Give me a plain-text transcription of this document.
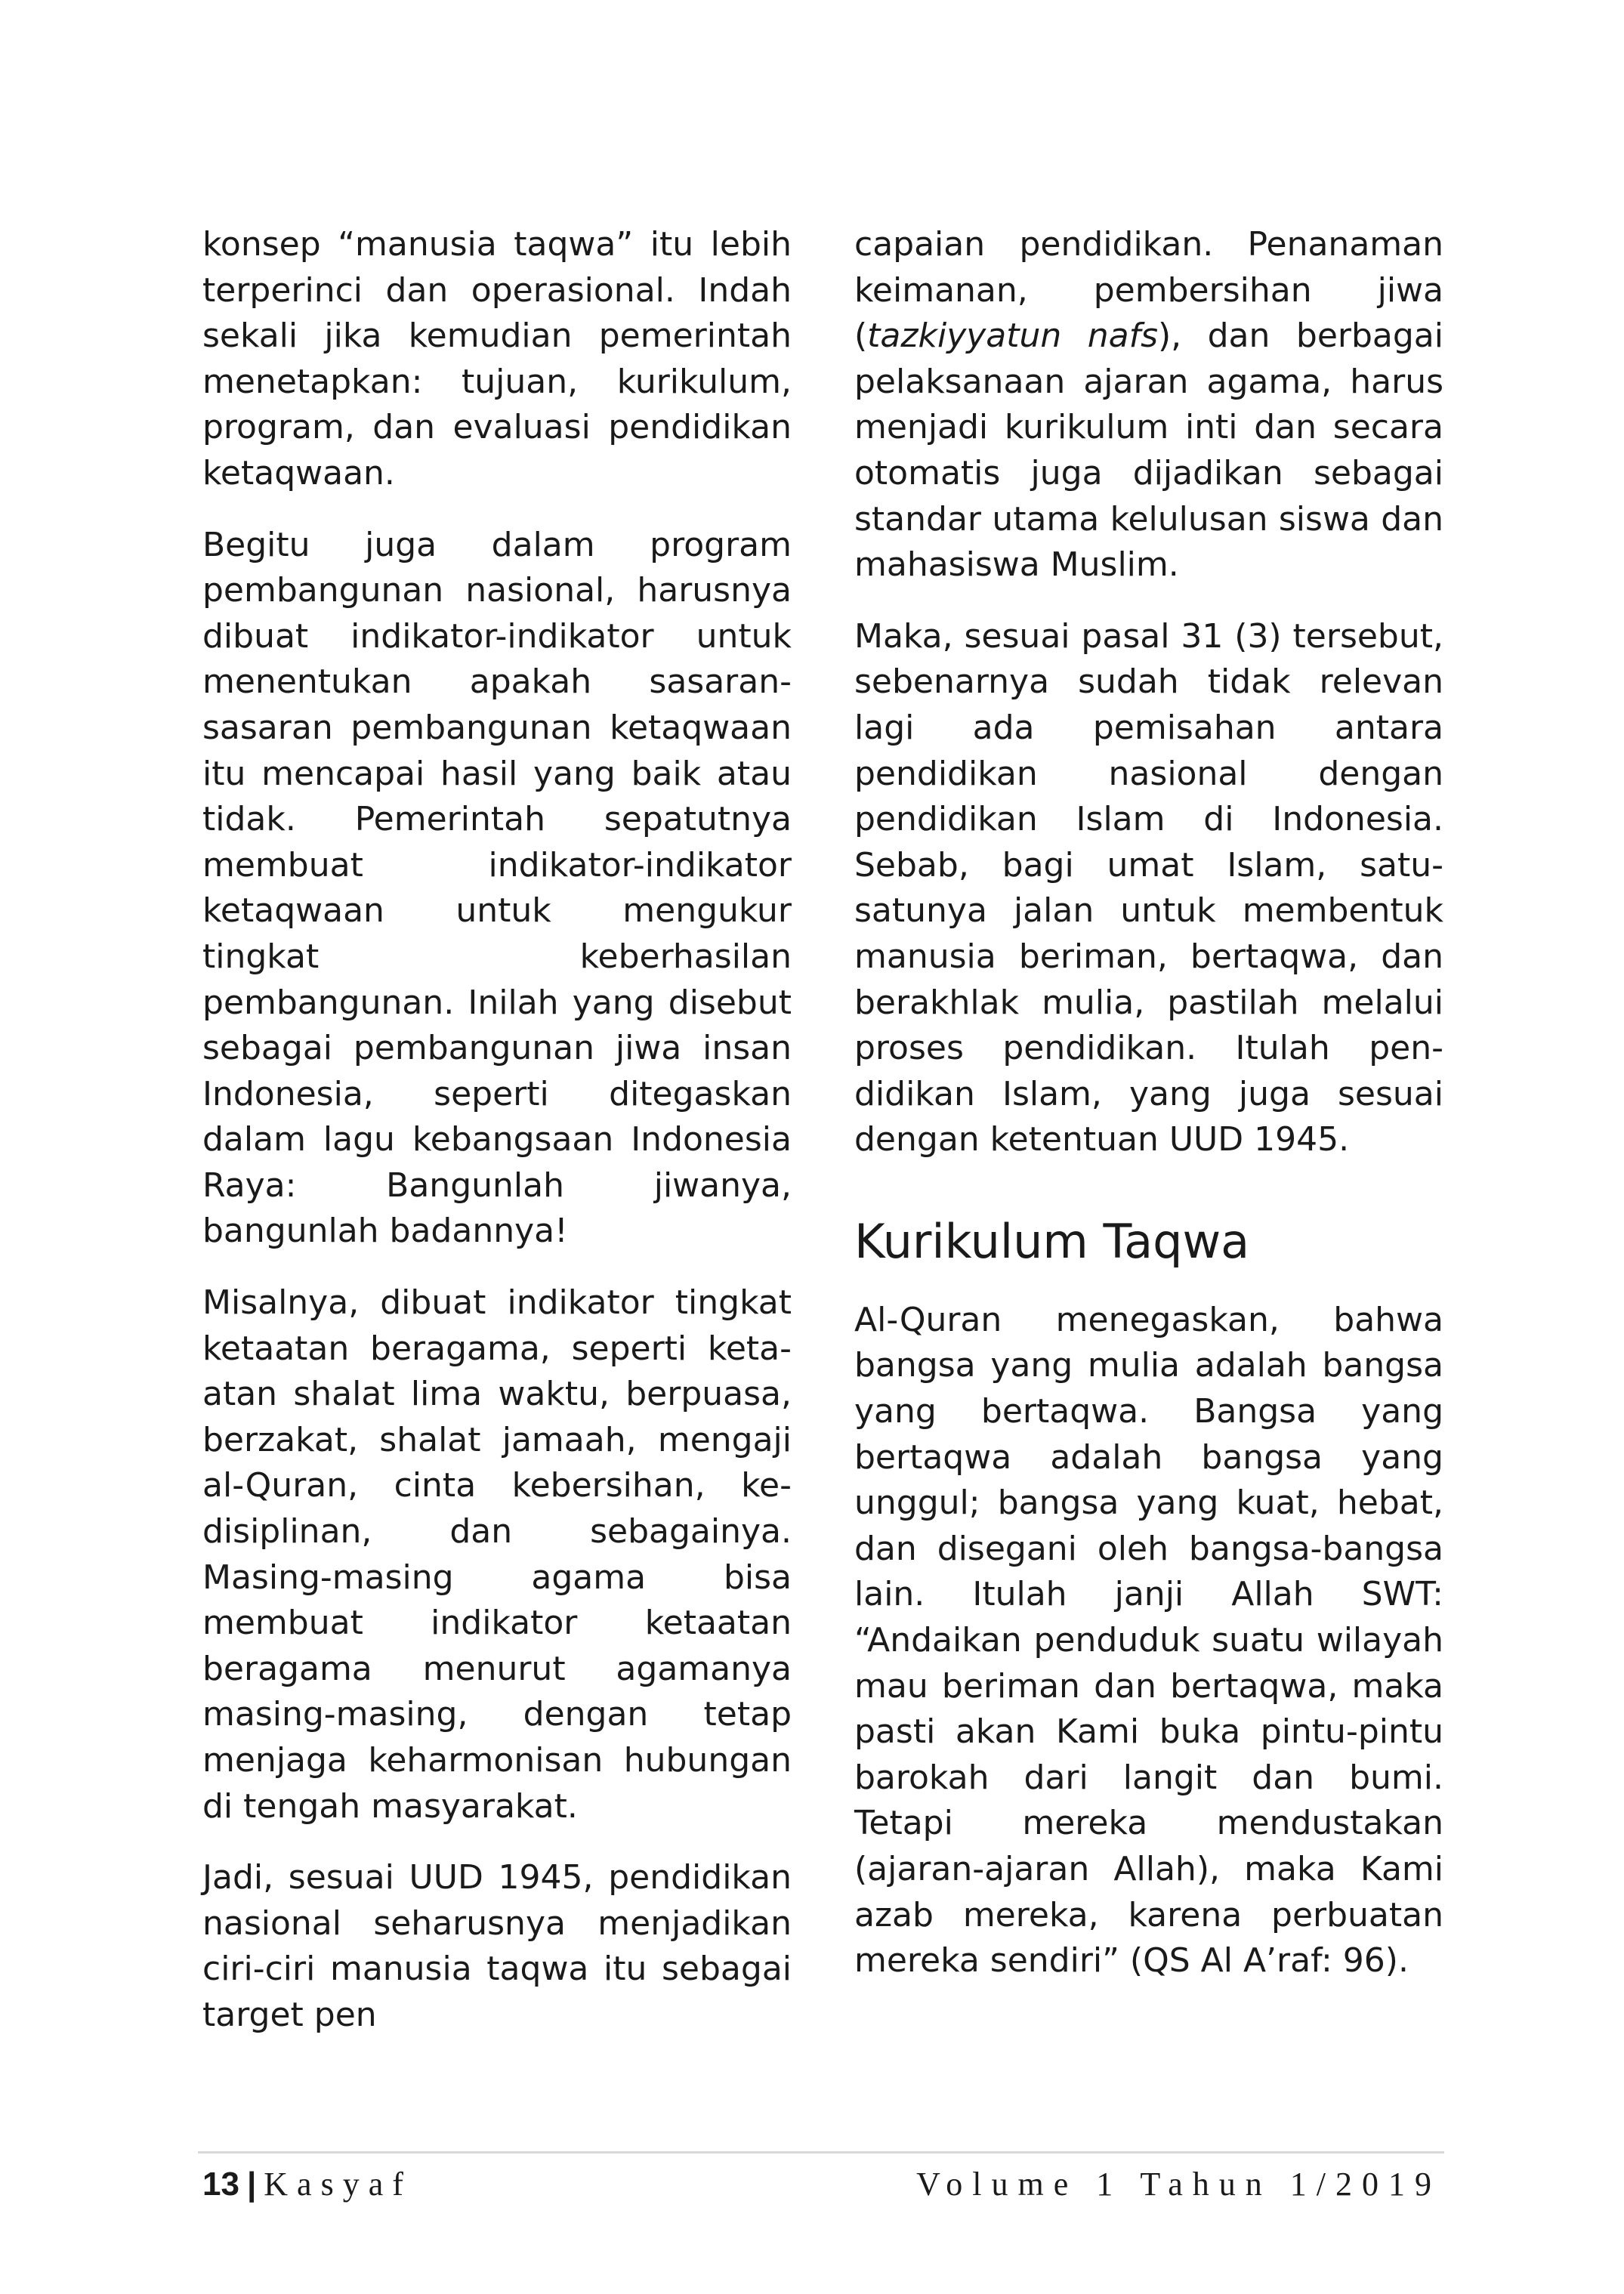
konsep “manusia taqwa” itu lebih terperinci dan operasional. Indah sekali jika kemudian pemerintah menetapkan: tujuan, kurikulum, program, dan evaluasi pendidikan ketaqwaan.

Begitu juga dalam program pembangunan nasional, harusnya dibuat indikator-indikator untuk menentukan apakah sasaran-sasaran pembangunan ketaqwaan itu mencapai hasil yang baik atau tidak. Pemerintah sepatutnya membuat indikator-indikator ketaqwaan untuk mengukur tingkat keberhasilan pembangunan. Inilah yang disebut sebagai pembangunan jiwa insan Indonesia, seperti ditegaskan dalam lagu kebangsaan Indonesia Raya: Bangunlah jiwanya, bangunlah badannya!

Misalnya, dibuat indikator tingkat ketaatan beragama, seperti ketaatan shalat lima waktu, berpuasa, berzakat, shalat jamaah, mengaji al-Quran, cinta kebersihan, kedisiplinan, dan sebagainya. Masing-masing agama bisa membuat indikator ketaatan beragama menurut agamanya masing-masing, dengan tetap menjaga keharmonisan hubungan di tengah masyarakat.

Jadi, sesuai UUD 1945, pendidikan nasional seharusnya menjadikan ciri-ciri manusia taqwa itu sebagai target pen

capaian pendidikan. Penanaman keimanan, pembersihan jiwa (tazkiyyatun nafs), dan berbagai pelaksanaan ajaran agama, harus menjadi kurikulum inti dan secara otomatis juga dijadikan sebagai standar utama kelulusan siswa dan mahasiswa Muslim.

Maka, sesuai pasal 31 (3) tersebut, sebenarnya sudah tidak relevan lagi ada pemisahan antara pendidikan nasional dengan pendidikan Islam di Indonesia. Sebab, bagi umat Islam, satu-satunya jalan untuk membentuk manusia beriman, bertaqwa, dan berakhlak mulia, pastilah melalui proses pendidikan. Itulah pendidikan Islam, yang juga sesuai dengan ketentuan UUD 1945.

Kurikulum Taqwa

Al-Quran menegaskan, bahwa bangsa yang mulia adalah bangsa yang bertaqwa. Bangsa yang bertaqwa adalah bangsa yang unggul; bangsa yang kuat, hebat, dan disegani oleh bangsa-bangsa lain. Itulah janji Allah SWT: “Andaikan penduduk suatu wilayah mau beriman dan bertaqwa, maka pasti akan Kami buka pintu-pintu barokah dari langit dan bumi. Tetapi mereka mendustakan (ajaran-ajaran Allah), maka Kami azab mereka, karena perbuatan mereka sendiri” (QS Al A’raf: 96).

13 | Kasyaf	Volume 1 Tahun 1/2019
